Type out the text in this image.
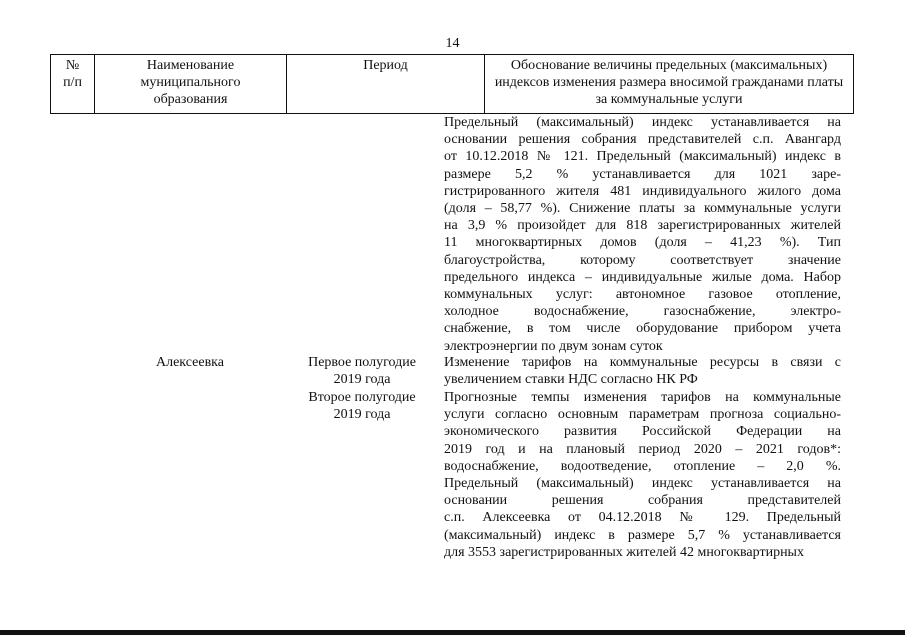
14
№
п/п
Наименование
муниципального
образования
Период	Обоснование величины предельных (максимальных)
индексов изменения размера вносимой гражданами платы
за коммунальные услуги
Предельный (максимальный) индекс устанавливается на
основании решения собрания представителей с.п. Авангард
от 10.12.2018 № 121. Предельный (максимальный) индекс в
размере 5,2 % устанавливается для 1021 заре-
гистрированного жителя 481 индивидуального жилого дома
(доля – 58,77 %). Снижение платы за коммунальные услуги
на 3,9 % произойдет для 818 зарегистрированных жителей
11 многоквартирных домов (доля – 41,23 %). Тип
благоустройства, которому соответствует значение
предельного индекса – индивидуальные жилые дома. Набор
коммунальных услуг: автономное газовое отопление,
холодное водоснабжение, газоснабжение, электро-
снабжение, в том числе оборудование прибором учета
электроэнергии по двум зонам суток
Алексеевка	Первое полугодие
2019 года
Второе полугодие
2019 года
Изменение тарифов на коммунальные ресурсы в связи с
увеличением ставки НДС согласно НК РФ
Прогнозные темпы изменения тарифов на коммунальные
услуги согласно основным параметрам прогноза социально-
экономического развития Российской Федерации на
2019 год и на плановый период 2020 – 2021 годов*:
водоснабжение, водоотведение, отопление – 2,0 %.
Предельный (максимальный) индекс устанавливается на
основании решения собрания представителей
с.п. Алексеевка от 04.12.2018 № 129. Предельный
(максимальный) индекс в размере 5,7 % устанавливается
для 3553 зарегистрированных жителей 42 многоквартирных
